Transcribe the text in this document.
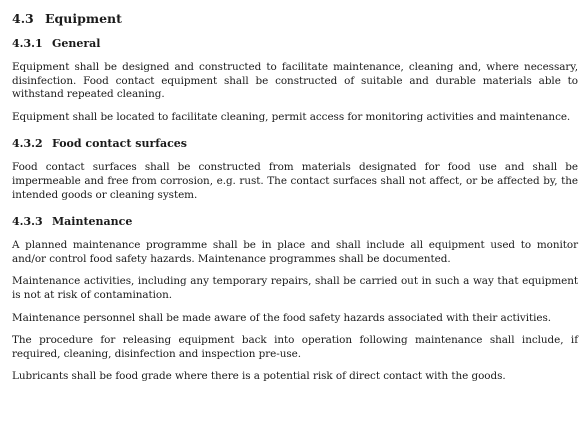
4.3 Equipment
4.3.1 General

Equipment shall be designed and constructed to facilitate maintenance, cleaning and, where necessary, disinfection. Food contact equipment shall be constructed of suitable and durable materials able to withstand repeated cleaning.

Equipment shall be located to facilitate cleaning, permit access for monitoring activities and maintenance.

4.3.2 Food contact surfaces

Food contact surfaces shall be constructed from materials designated for food use and shall be impermeable and free from corrosion, e.g. rust. The contact surfaces shall not affect, or be affected by, the intended goods or cleaning system.

4.3.3 Maintenance

A planned maintenance programme shall be in place and shall include all equipment used to monitor and/or control food safety hazards. Maintenance programmes shall be documented.

Maintenance activities, including any temporary repairs, shall be carried out in such a way that equipment is not at risk of contamination.

Maintenance personnel shall be made aware of the food safety hazards associated with their activities.

The procedure for releasing equipment back into operation following maintenance shall include, if required, cleaning, disinfection and inspection pre-use.

Lubricants shall be food grade where there is a potential risk of direct contact with the goods.
